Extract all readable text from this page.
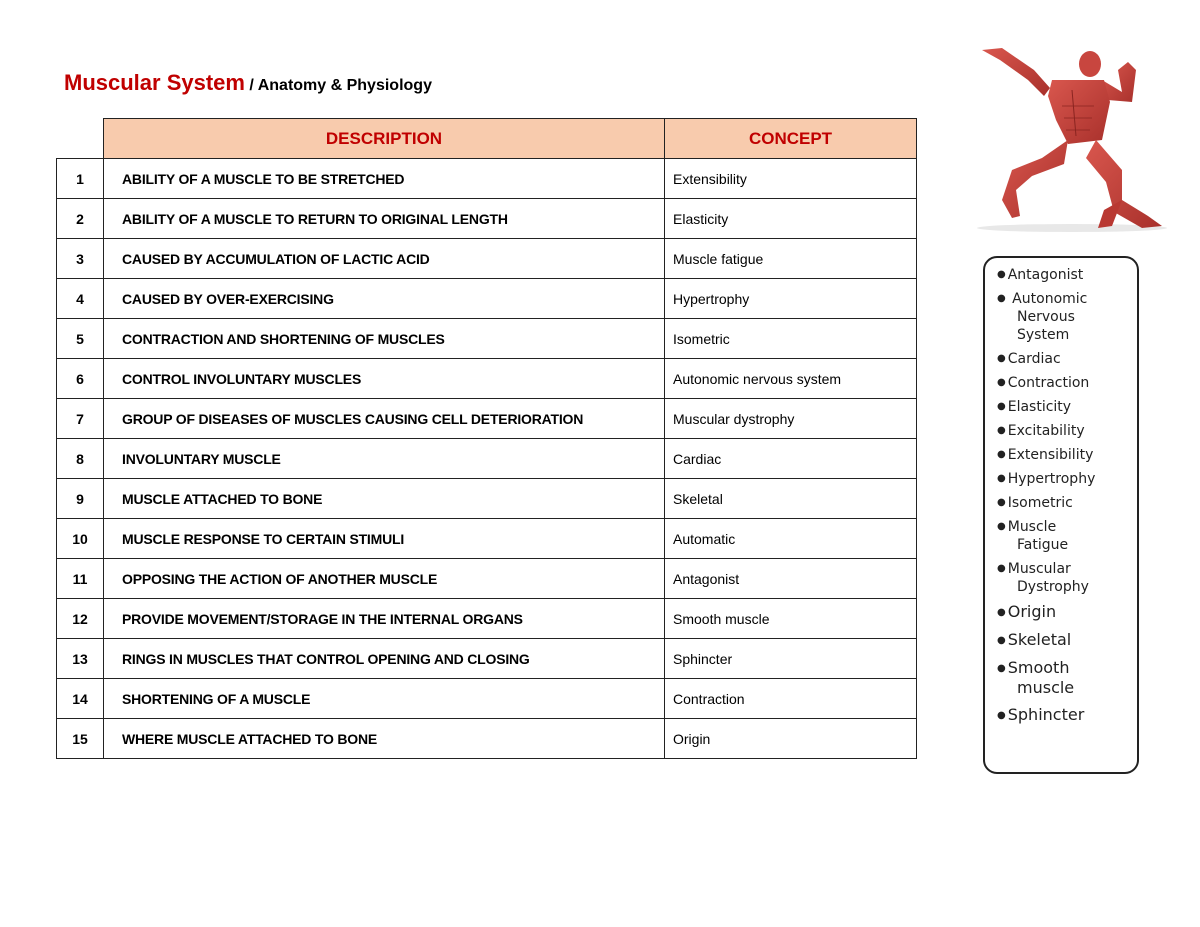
Muscular System / Anatomy & Physiology
	DESCRIPTION	CONCEPT
1	ABILITY OF A MUSCLE TO BE STRETCHED	Extensibility
2	ABILITY OF A MUSCLE TO RETURN TO ORIGINAL LENGTH	Elasticity
3	CAUSED BY ACCUMULATION OF LACTIC ACID	Muscle fatigue
4	CAUSED BY OVER-EXERCISING	Hypertrophy
5	CONTRACTION AND SHORTENING OF MUSCLES	Isometric
6	CONTROL INVOLUNTARY MUSCLES	Autonomic nervous system
7	GROUP OF DISEASES OF MUSCLES CAUSING CELL DETERIORATION	Muscular dystrophy
8	INVOLUNTARY MUSCLE	Cardiac
9	MUSCLE ATTACHED TO BONE	Skeletal
10	MUSCLE RESPONSE TO CERTAIN STIMULI	Automatic
11	OPPOSING THE ACTION OF ANOTHER MUSCLE	Antagonist
12	PROVIDE MOVEMENT/STORAGE IN THE INTERNAL ORGANS	Smooth muscle
13	RINGS IN MUSCLES THAT CONTROL OPENING AND CLOSING	Sphincter
14	SHORTENING OF A MUSCLE	Contraction
15	WHERE MUSCLE ATTACHED TO BONE	Origin
● Antagonist
● Autonomic
Nervous System
● Cardiac
● Contraction
● Elasticity
● Excitability
● Extensibility
● Hypertrophy
● Isometric
● Muscle
Fatigue
● Muscular
Dystrophy
● Origin
● Skeletal
● Smooth
muscle
● Sphincter
